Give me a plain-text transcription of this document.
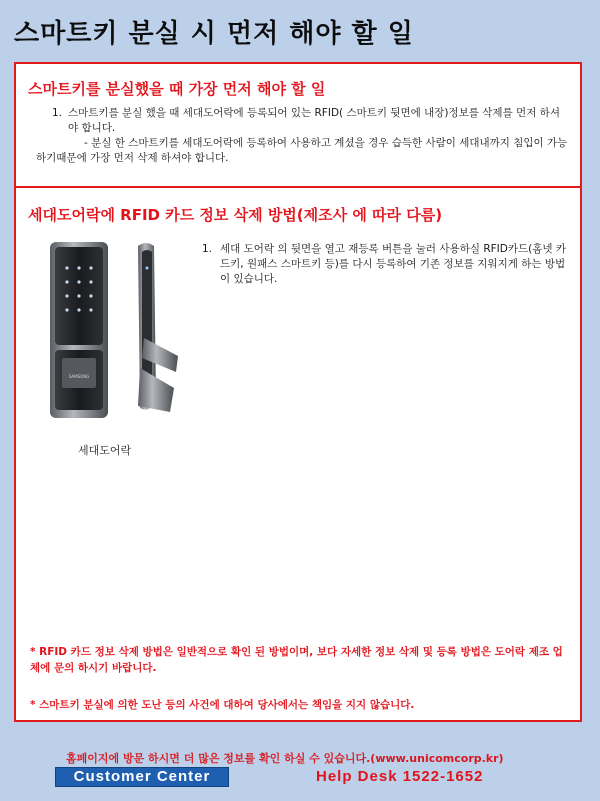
스마트키 분실 시 먼저 해야 할 일
스마트키를 분실했을 때 가장 먼저 해야 할 일
1. 스마트키를 분실 했을 때 세대도어락에 등록되어 있는 RFID( 스마트키 뒷면에 내장)정보를 삭제를 먼저 하셔야 합니다.
- 분실 한 스마트키를 세대도어락에 등록하여 사용하고 계셨을 경우 습득한 사람이 세대내까지 침입이 가능 하기때문에 가장 먼저 삭제 하셔야 합니다.
세대도어락에 RFID 카드 정보 삭제 방법(제조사 에 따라 다름)
SAMSUNG
세대도어락
1. 세대 도어락 의 뒷면을 열고 재등록 버튼을 눌러 사용하실 RFID카드(홈넷 카드키, 원패스 스마트키 등)를 다시 등록하여 기존 정보를 지워지게 하는 방법이 있습니다.
* RFID 카드 정보 삭제 방법은 일반적으로 확인 된 방법이며, 보다 자세한 정보 삭제 및 등록 방법은 도어락 제조 업체에 문의 하시기 바랍니다.
* 스마트키 분실에 의한 도난 등의 사건에 대하여 당사에서는 책임을 지지 않습니다.
홈페이지에 방문 하시면 더 많은 정보를 확인 하실 수 있습니다.(www.unicomcorp.kr)
Customer Center	Help Desk 1522-1652
